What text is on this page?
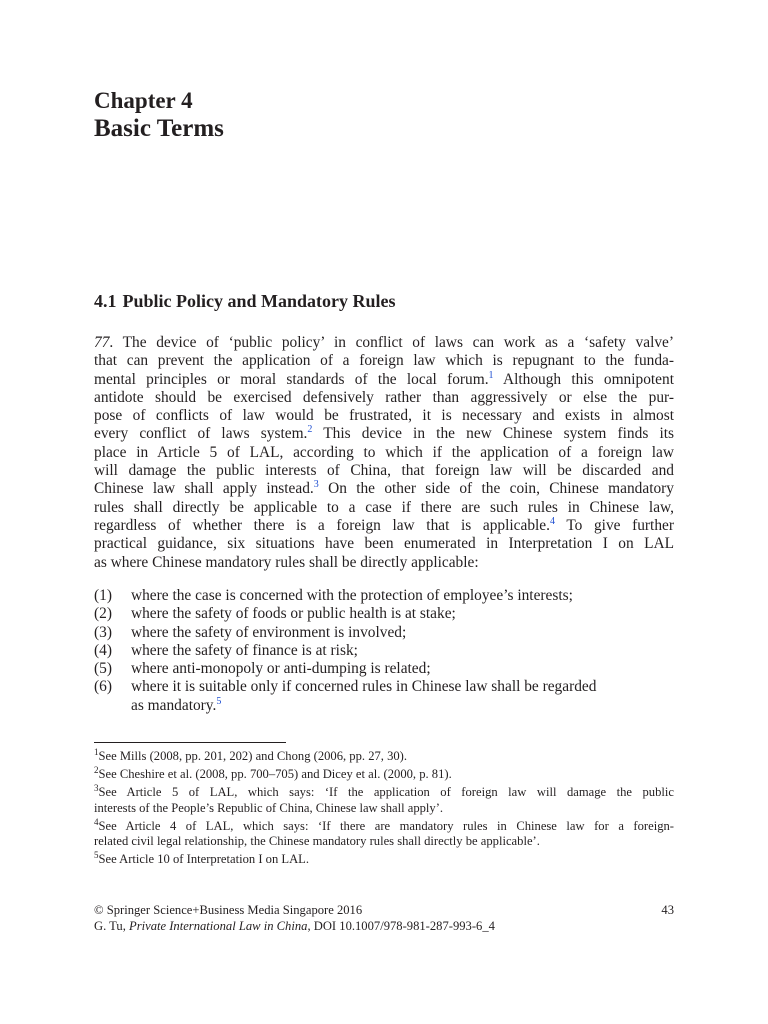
Chapter 4
Basic Terms
4.1 Public Policy and Mandatory Rules
77. The device of ‘public policy’ in conflict of laws can work as a ‘safety valve’
that can prevent the application of a foreign law which is repugnant to the funda-
mental principles or moral standards of the local forum.$^1$ Although this omnipotent
antidote should be exercised defensively rather than aggressively or else the pur-
pose of conflicts of law would be frustrated, it is necessary and exists in almost
every conflict of laws system.$^2$ This device in the new Chinese system finds its
place in Article 5 of LAL, according to which if the application of a foreign law
will damage the public interests of China, that foreign law will be discarded and
Chinese law shall apply instead.$^3$ On the other side of the coin, Chinese mandatory
rules shall directly be applicable to a case if there are such rules in Chinese law,
regardless of whether there is a foreign law that is applicable.$^4$ To give further
practical guidance, six situations have been enumerated in Interpretation I on LAL
as where Chinese mandatory rules shall be directly applicable:
(1)	where the case is concerned with the protection of employee’s interests;
(2)	where the safety of foods or public health is at stake;
(3)	where the safety of environment is involved;
(4)	where the safety of finance is at risk;
(5)	where anti-monopoly or anti-dumping is related;
(6)	where it is suitable only if concerned rules in Chinese law shall be regarded
as mandatory.$^5$
$^1$See Mills (2008, pp. 201, 202) and Chong (2006, pp. 27, 30).
$^2$See Cheshire et al. (2008, pp. 700–705) and Dicey et al. (2000, p. 81).
$^3$See Article 5 of LAL, which says: ‘If the application of foreign law will damage the public
interests of the People’s Republic of China, Chinese law shall apply’.
$^4$See Article 4 of LAL, which says: ‘If there are mandatory rules in Chinese law for a foreign-
related civil legal relationship, the Chinese mandatory rules shall directly be applicable’.
$^5$See Article 10 of Interpretation I on LAL.
© Springer Science+Business Media Singapore 2016	43
G. Tu, Private International Law in China, DOI 10.1007/978-981-287-993-6_4
